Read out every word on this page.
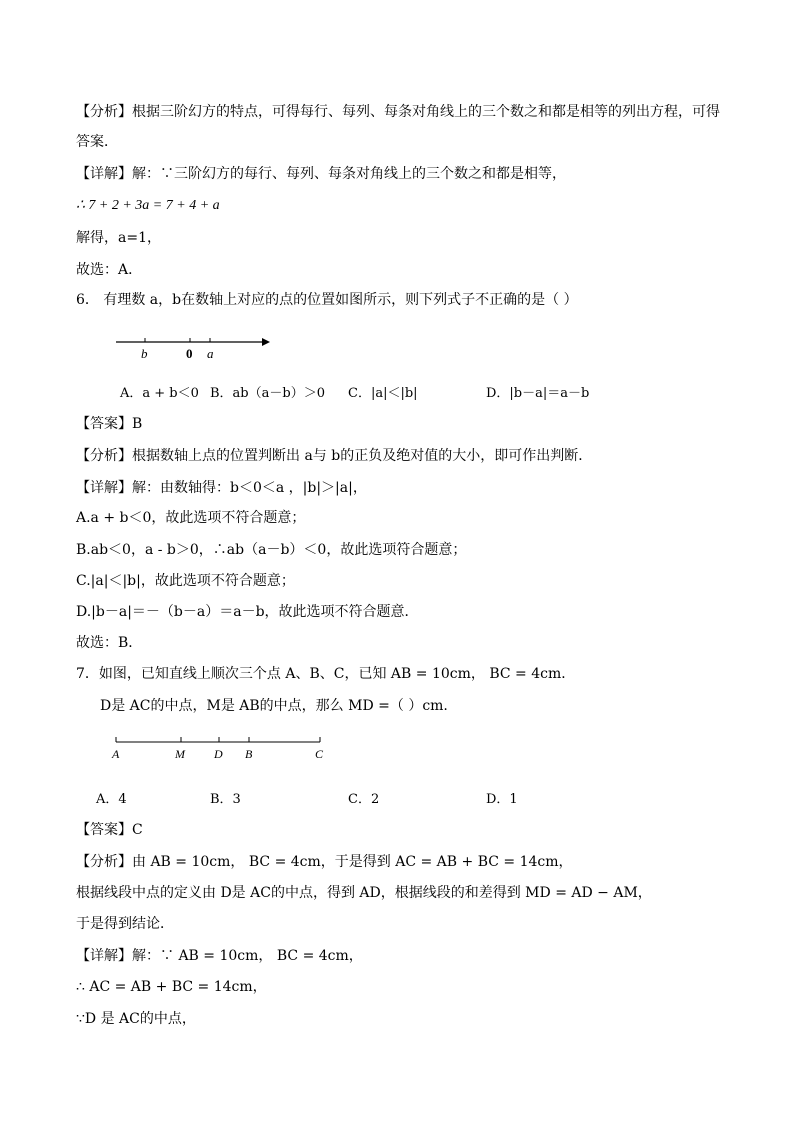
【分析】根据三阶幻方的特点，可得每行、每列、每条对角线上的三个数之和都是相等的列出方程，可得
答案．
【详解】解：∵三阶幻方的每行、每列、每条对角线上的三个数之和都是相等，
∴ 7 + 2 + 3a = 7 + 4 + a
解得，a=1，
故选：A．
6． 有理数 a，b在数轴上对应的点的位置如图所示，则下列式子不正确的是（ ）
b	0 a
A．a + b＜0 B．ab（a－b）＞0 C．|a|＜|b|	D．|b－a|＝a－b
【答案】B
【分析】根据数轴上点的位置判断出 a与 b的正负及绝对值的大小，即可作出判断．
【详解】解：由数轴得：b＜0＜a ，|b|＞|a|，
A.a + b＜0，故此选项不符合题意；
B.ab＜0，a - b＞0，∴ab（a－b）＜0，故此选项符合题意；
C.|a|＜|b|，故此选项不符合题意；
D.|b－a|＝－（b－a）＝a－b，故此选项不符合题意．
故选：B．
7．如图，已知直线上顺次三个点 A、B、C，已知 AB = 10cm， BC = 4cm．
D是 AC的中点，M是 AB的中点，那么 MD =（ ）cm.
A	M D B	C
A．4	B．3	C．2	D．1
【答案】C
【分析】由 AB = 10cm， BC = 4cm，于是得到 AC = AB + BC = 14cm，
根据线段中点的定义由 D是 AC的中点，得到 AD，根据线段的和差得到 MD = AD − AM，
于是得到结论．
【详解】解：∵ AB = 10cm， BC = 4cm，
∴ AC = AB + BC = 14cm，
∵D 是 AC的中点，
